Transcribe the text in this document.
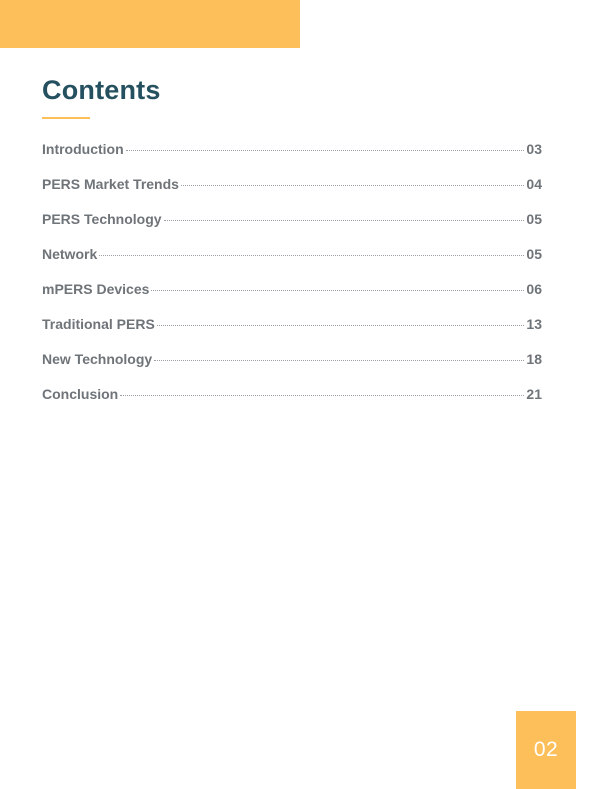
Contents
Introduction	03
PERS Market Trends	04
PERS Technology	05
Network	05
mPERS Devices	06
Traditional PERS	13
New Technology	18
Conclusion	21
02
